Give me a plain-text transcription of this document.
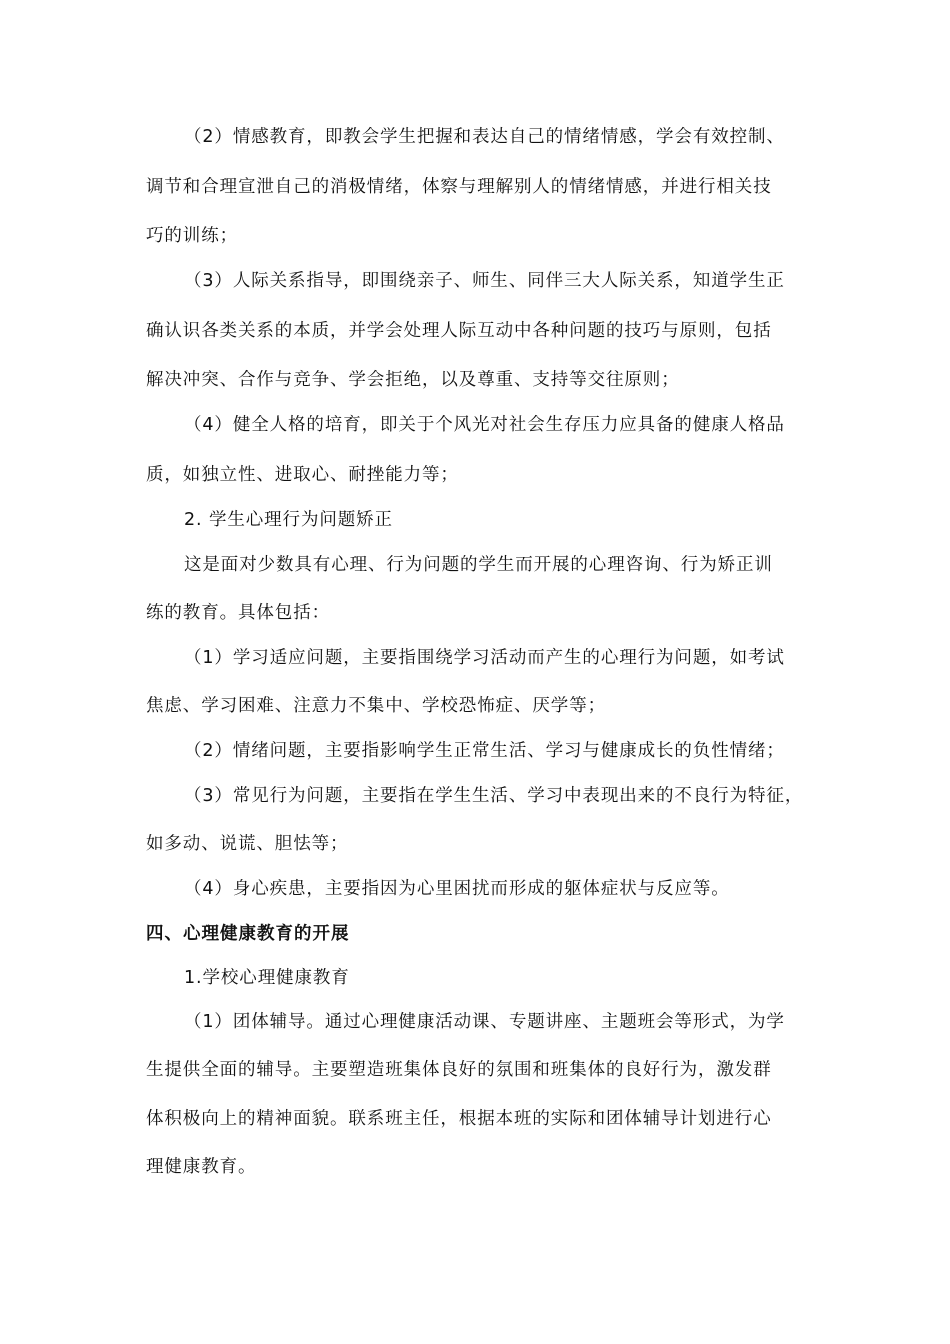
（2）情感教育，即教会学生把握和表达自己的情绪情感，学会有效控制、
调节和合理宣泄自己的消极情绪，体察与理解别人的情绪情感，并进行相关技
巧的训练；
（3）人际关系指导，即围绕亲子、师生、同伴三大人际关系，知道学生正
确认识各类关系的本质，并学会处理人际互动中各种问题的技巧与原则，包括
解决冲突、合作与竞争、学会拒绝，以及尊重、支持等交往原则；
（4）健全人格的培育，即关于个风光对社会生存压力应具备的健康人格品
质，如独立性、进取心、耐挫能力等；
2. 学生心理行为问题矫正
这是面对少数具有心理、行为问题的学生而开展的心理咨询、行为矫正训
练的教育。具体包括：
（1）学习适应问题，主要指围绕学习活动而产生的心理行为问题，如考试
焦虑、学习困难、注意力不集中、学校恐怖症、厌学等；
（2）情绪问题，主要指影响学生正常生活、学习与健康成长的负性情绪；
（3）常见行为问题，主要指在学生生活、学习中表现出来的不良行为特征，
如多动、说谎、胆怯等；
（4）身心疾患，主要指因为心里困扰而形成的躯体症状与反应等。
四、心理健康教育的开展
1.学校心理健康教育
（1）团体辅导。通过心理健康活动课、专题讲座、主题班会等形式，为学
生提供全面的辅导。主要塑造班集体良好的氛围和班集体的良好行为，激发群
体积极向上的精神面貌。联系班主任，根据本班的实际和团体辅导计划进行心
理健康教育。
